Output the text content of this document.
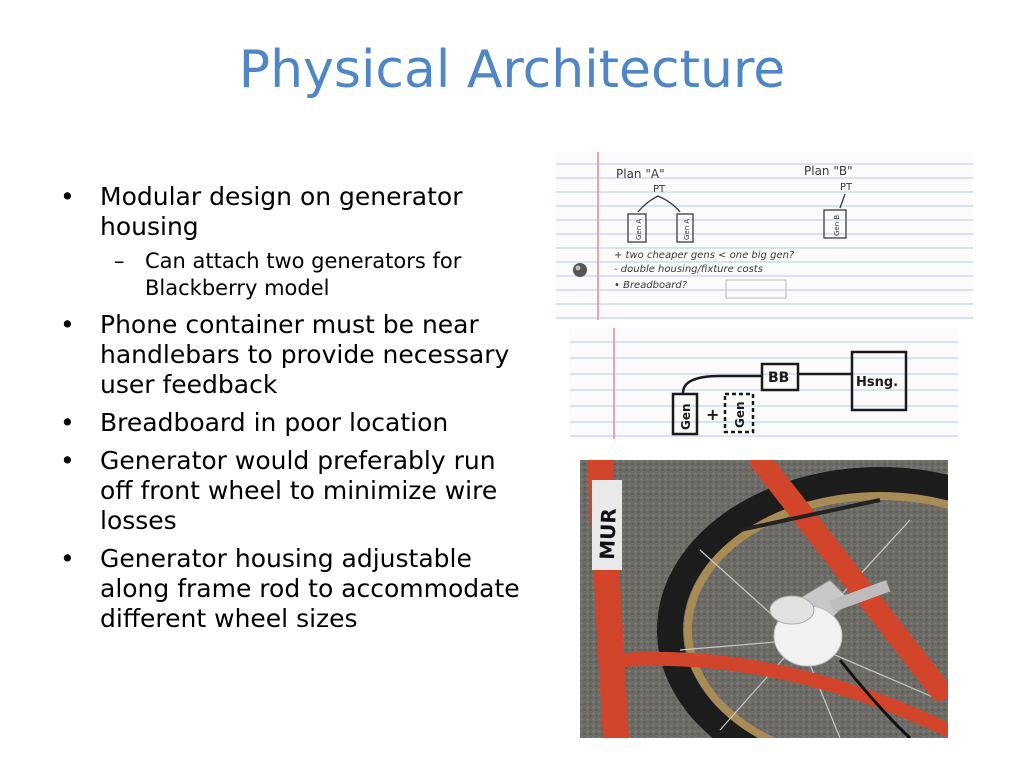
Physical Architecture
• Modular design on generator housing
– Can attach two generators for Blackberry model
• Phone container must be near handlebars to provide necessary user feedback
• Breadboard in poor location
• Generator would preferably run off front wheel to minimize wire losses
• Generator housing adjustable along frame rod to accommodate different wheel sizes
Plan "A"	Plan "B"
PT	PT
Gen A	Gen A	Gen B
+ two cheaper gens < one big gen?
- double housing/fixture costs
• Breadboard?
Gen + Gen
BB	Hsng.
MUR
